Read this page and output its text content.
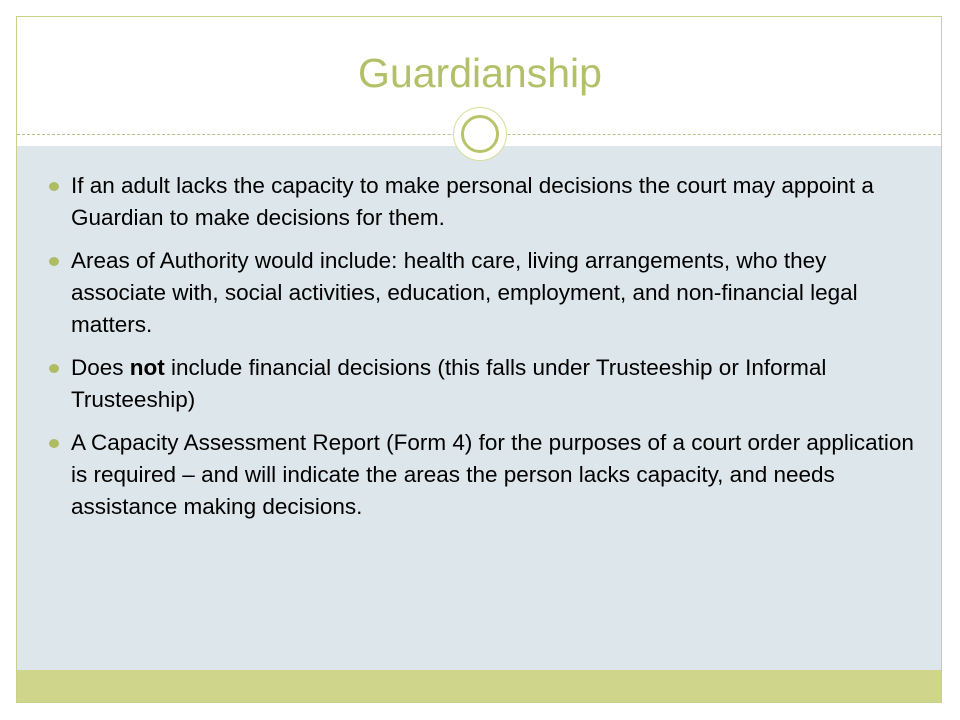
Guardianship
If an adult lacks the capacity to make personal decisions the court may appoint a Guardian to make decisions for them.
Areas of Authority would include: health care, living arrangements, who they associate with, social activities, education, employment, and non-financial legal matters.
Does not include financial decisions (this falls under Trusteeship or Informal Trusteeship)
A Capacity Assessment Report (Form 4) for the purposes of a court order application is required – and will indicate the areas the person lacks capacity, and needs assistance making decisions.
